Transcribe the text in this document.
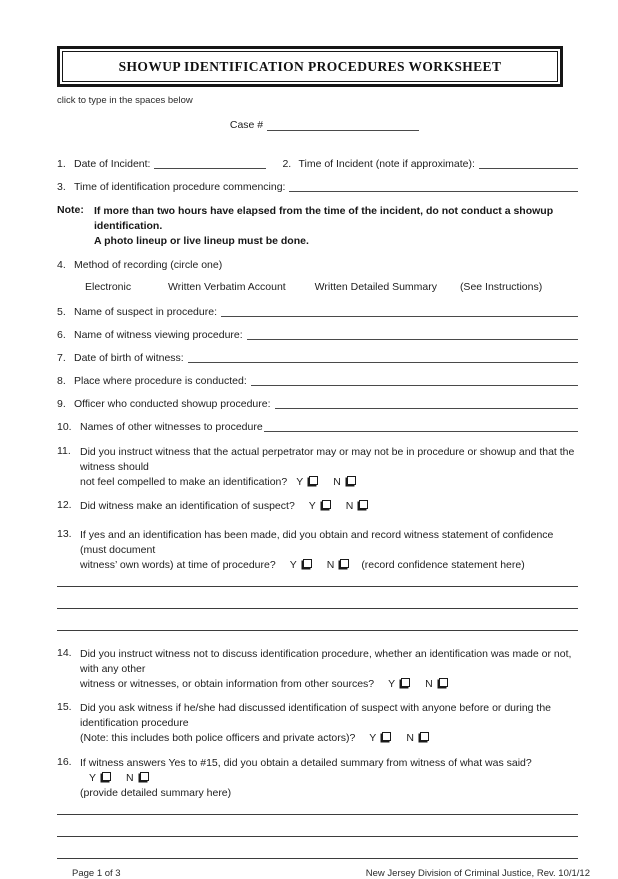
SHOWUP IDENTIFICATION PROCEDURES WORKSHEET
click to type in the spaces below
Case #
1. Date of Incident:	2. Time of Incident (note if approximate):
3. Time of identification procedure commencing:
Note: If more than two hours have elapsed from the time of the incident, do not conduct a showup identification.
A photo lineup or live lineup must be done.
4. Method of recording (circle one)
Electronic	Written Verbatim Account	Written Detailed Summary (See Instructions)
5. Name of suspect in procedure:
6. Name of witness viewing procedure:
7. Date of birth of witness:
8. Place where procedure is conducted:
9. Officer who conducted showup procedure:
10. Names of other witnesses to procedure
11. Did you instruct witness that the actual perpetrator may or may not be in procedure or showup and that the witness should
not feel compelled to make an identification? Y	N
12. Did witness make an identification of suspect? Y	N
13. If yes and an identification has been made, did you obtain and record witness statement of confidence (must document
witness’ own words) at time of procedure? Y	N	(record confidence statement here)
14. Did you instruct witness not to discuss identification procedure, whether an identification was made or not, with any other
witness or witnesses, or obtain information from other sources? Y	N
15. Did you ask witness if he/she had discussed identification of suspect with anyone before or during the identification procedure
(Note: this includes both police officers and private actors)? Y	N
16. If witness answers Yes to #15, did you obtain a detailed summary from witness of what was said?Y	N
(provide detailed summary here)
Page 1 of 3	New Jersey Division of Criminal Justice, Rev. 10/1/12
